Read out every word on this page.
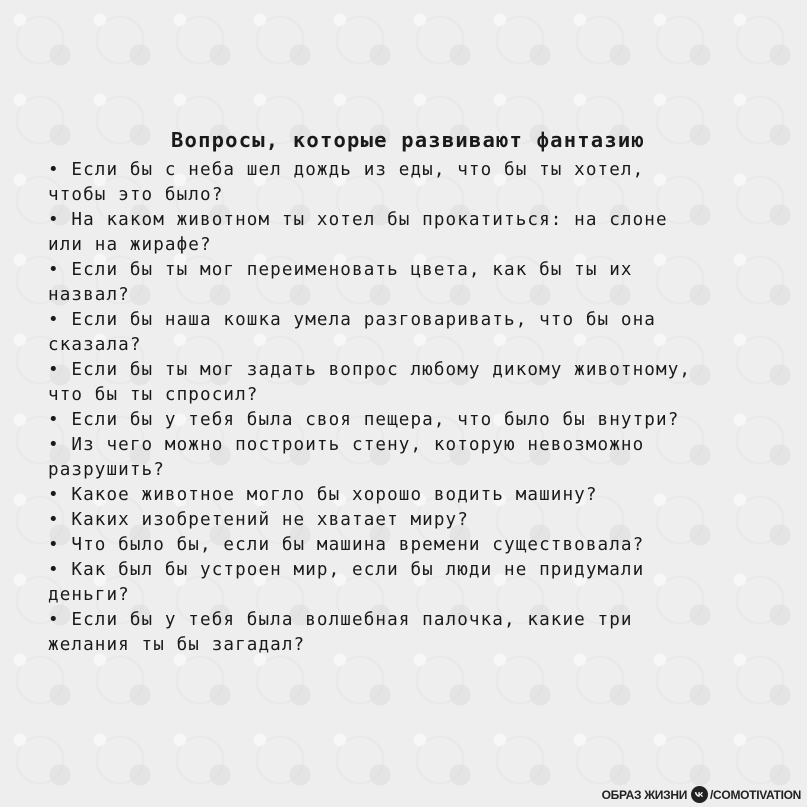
Вопросы, которые развивают фантазию
• Если бы с неба шел дождь из еды, что бы ты хотел,
чтобы это было?
• На каком животном ты хотел бы прокатиться: на слоне
или на жирафе?
• Если бы ты мог переименовать цвета, как бы ты их
назвал?
• Если бы наша кошка умела разговаривать, что бы она
сказала?
• Если бы ты мог задать вопрос любому дикому животному,
что бы ты спросил?
• Если бы у тебя была своя пещера, что было бы внутри?
• Из чего можно построить стену, которую невозможно
разрушить?
• Какое животное могло бы хорошо водить машину?
• Каких изобретений не хватает миру?
• Что было бы, если бы машина времени существовала?
• Как был бы устроен мир, если бы люди не придумали
деньги?
• Если бы у тебя была волшебная палочка, какие три
желания ты бы загадал?
ОБРАЗ ЖИЗНИ /COMOTIVATION
